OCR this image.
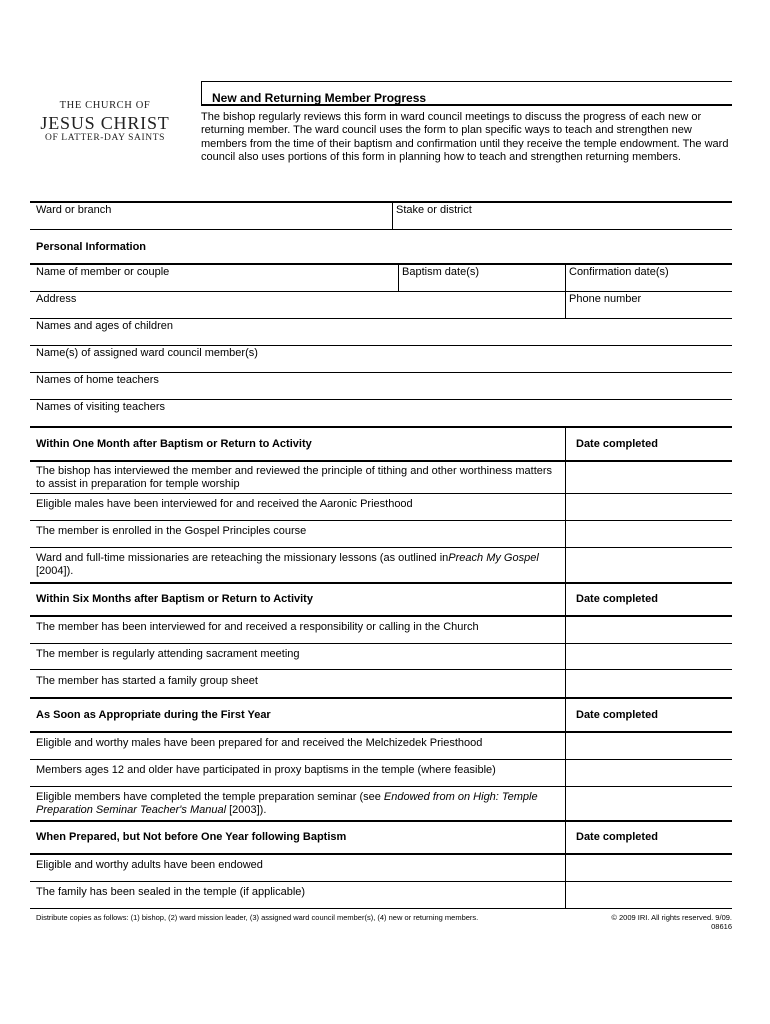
THE CHURCH OF
JESUS CHRIST
OF LATTER-DAY SAINTS
New and Returning Member Progress
The bishop regularly reviews this form in ward council meetings to discuss the progress of each new or returning member. The ward council uses the form to plan specific ways to teach and strengthen new members from the time of their baptism and confirmation until they receive the temple endowment. The ward council also uses portions of this form in planning how to teach and strengthen returning members.
Ward or branch	Stake or district
Personal Information
Name of member or couple	Baptism date(s)	Confirmation date(s)
Address	Phone number
Names and ages of children
Name(s) of assigned ward council member(s)
Names of home teachers
Names of visiting teachers
Within One Month after Baptism or Return to Activity	Date completed
The bishop has interviewed the member and reviewed the principle of tithing and other worthiness matters to assist in preparation for temple worship
Eligible males have been interviewed for and received the Aaronic Priesthood
The member is enrolled in the Gospel Principles course
Ward and full-time missionaries are reteaching the missionary lessons (as outlined inPreach My Gospel [2004]).
Within Six Months after Baptism or Return to Activity	Date completed
The member has been interviewed for and received a responsibility or calling in the Church
The member is regularly attending sacrament meeting
The member has started a family group sheet
As Soon as Appropriate during the First Year	Date completed
Eligible and worthy males have been prepared for and received the Melchizedek Priesthood
Members ages 12 and older have participated in proxy baptisms in the temple (where feasible)
Eligible members have completed the temple preparation seminar (see Endowed from on High: Temple Preparation Seminar Teacher's Manual [2003]).
When Prepared, but Not before One Year following Baptism	Date completed
Eligible and worthy adults have been endowed
The family has been sealed in the temple (if applicable)
Distribute copies as follows: (1) bishop, (2) ward mission leader, (3) assigned ward council member(s), (4) new or returning members.	© 2009 IRI. All rights reserved. 9/09.
08616
